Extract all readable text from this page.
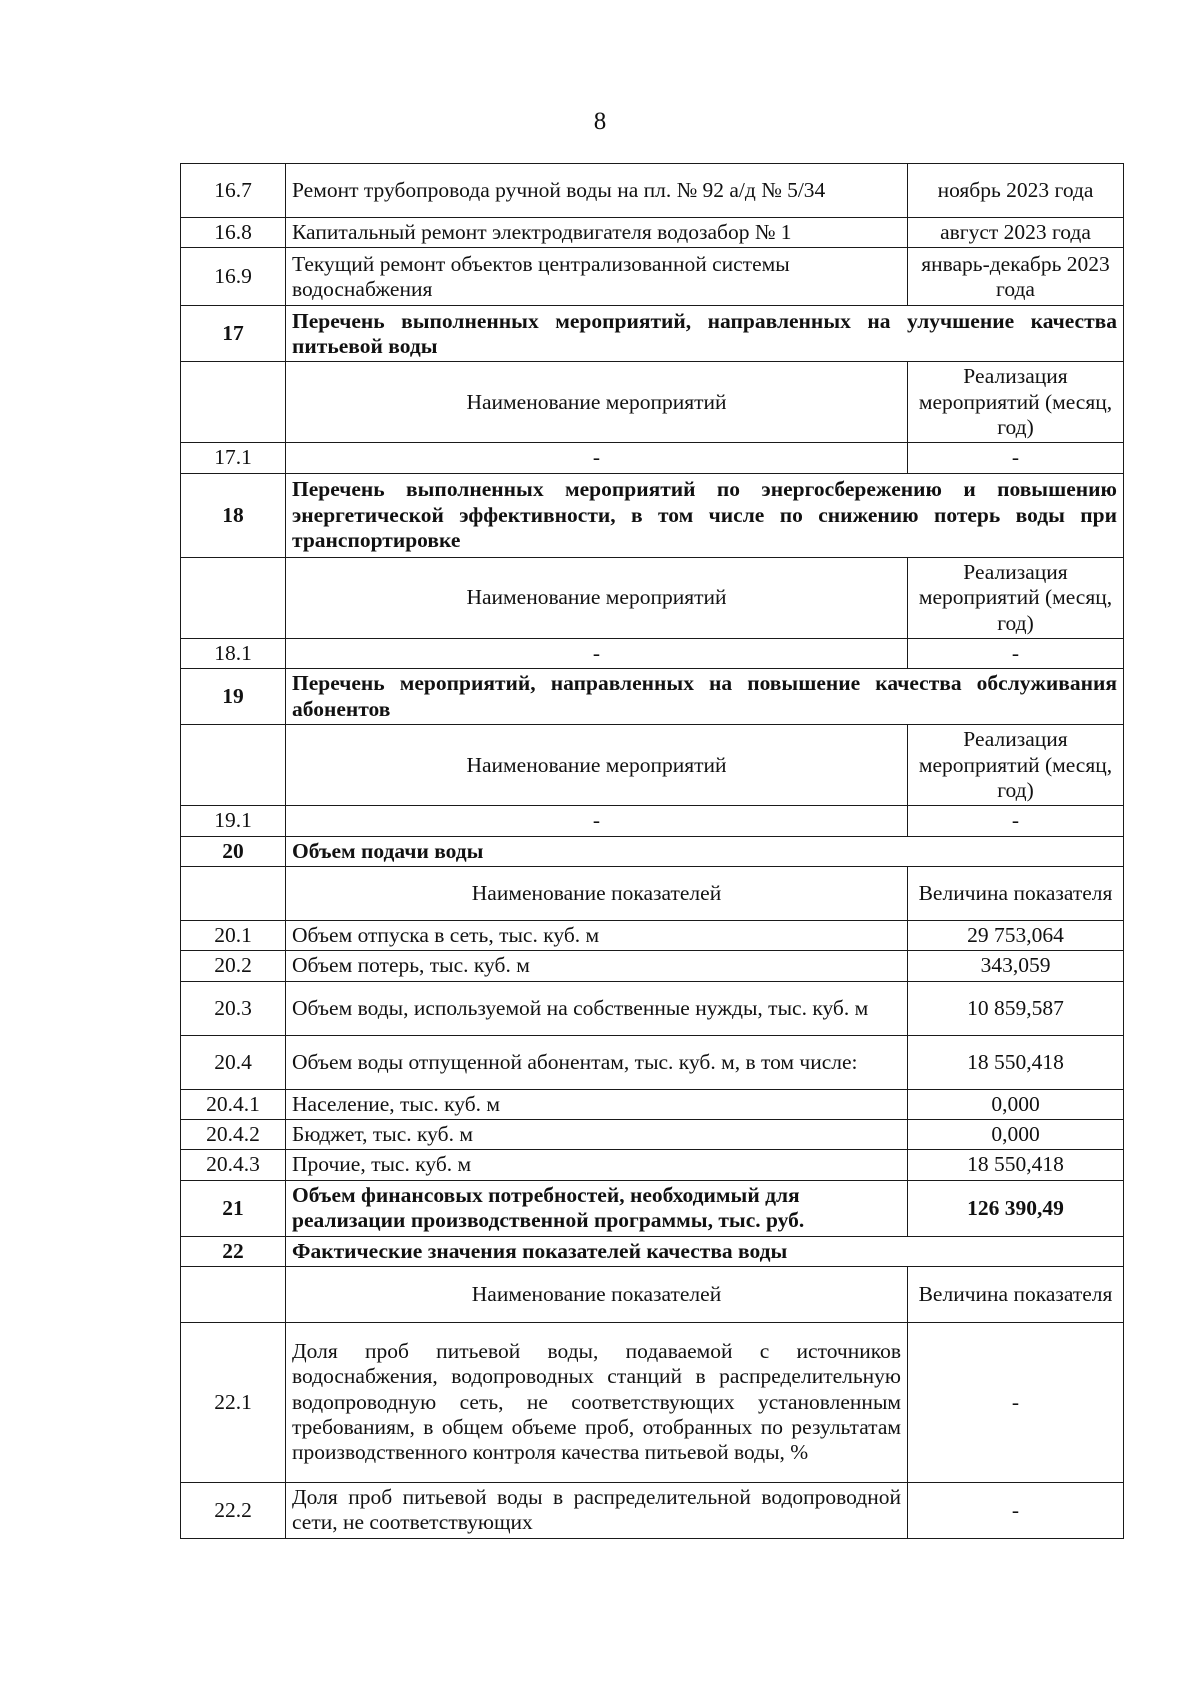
8
16.7	Ремонт трубопровода ручной воды на пл. № 92 а/д № 5/34	ноябрь 2023 года
16.8	Капитальный ремонт электродвигателя водозабор № 1	август 2023 года
16.9	Текущий ремонт объектов централизованной системы водоснабжения	январь-декабрь 2023 года
17	Перечень выполненных мероприятий, направленных на улучшение качества питьевой воды	
	Наименование мероприятий	Реализация мероприятий (месяц, год)
17.1	-	-
18	Перечень выполненных мероприятий по энергосбережению и повышению энергетической эффективности, в том числе по снижению потерь воды при транспортировке	
	Наименование мероприятий	Реализация мероприятий (месяц, год)
18.1	-	-
19	Перечень мероприятий, направленных на повышение качества обслуживания абонентов	
	Наименование мероприятий	Реализация мероприятий (месяц, год)
19.1	-	-
20	Объем подачи воды	
	Наименование показателей	Величина показателя
20.1	Объем отпуска в сеть, тыс. куб. м	29 753,064
20.2	Объем потерь, тыс. куб. м	343,059
20.3	Объем воды, используемой на собственные нужды, тыс. куб. м	10 859,587
20.4	Объем воды отпущенной абонентам, тыс. куб. м, в том числе:	18 550,418
20.4.1	Население, тыс. куб. м	0,000
20.4.2	Бюджет, тыс. куб. м	0,000
20.4.3	Прочие, тыс. куб. м	18 550,418
21	Объем финансовых потребностей, необходимый для реализации производственной программы, тыс. руб.	126 390,49
22	Фактические значения показателей качества воды	
	Наименование показателей	Величина показателя
22.1	Доля проб питьевой воды, подаваемой с источников водоснабжения, водопроводных станций в распределительную водопроводную сеть, не соответствующих установленным требованиям, в общем объеме проб, отобранных по результатам производственного контроля качества питьевой воды, %	-
22.2	Доля проб питьевой воды в распределительной водопроводной сети, не соответствующих	-
